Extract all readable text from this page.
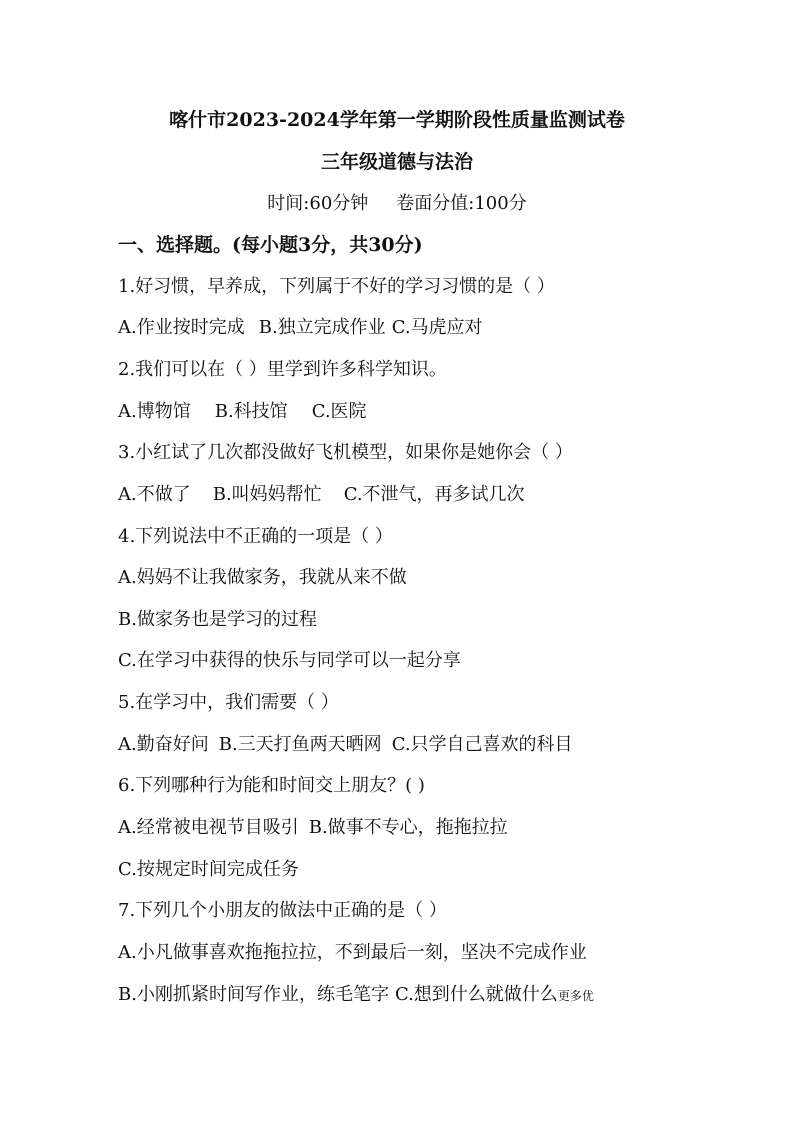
喀什市2023-2024学年第一学期阶段性质量监测试卷
三年级道德与法治
时间:60分钟 卷面分值:100分
一、选择题。(每小题3分，共30分)
1.好习惯，早养成，下列属于不好的学习习惯的是（ ）
A.作业按时完成 B.独立完成作业 C.马虎应对
2.我们可以在（ ）里学到许多科学知识。
A.博物馆 B.科技馆 C.医院
3.小红试了几次都没做好飞机模型，如果你是她你会（ ）
A.不做了 B.叫妈妈帮忙 C.不泄气，再多试几次
4.下列说法中不正确的一项是（ ）
A.妈妈不让我做家务，我就从来不做
B.做家务也是学习的过程
C.在学习中获得的快乐与同学可以一起分享
5.在学习中，我们需要（ ）
A.勤奋好问 B.三天打鱼两天晒网 C.只学自己喜欢的科目
6.下列哪种行为能和时间交上朋友？( )
A.经常被电视节目吸引 B.做事不专心，拖拖拉拉
C.按规定时间完成任务
7.下列几个小朋友的做法中正确的是（ ）
A.小凡做事喜欢拖拖拉拉，不到最后一刻，坚决不完成作业
B.小刚抓紧时间写作业，练毛笔字 C.想到什么就做什么更多优
